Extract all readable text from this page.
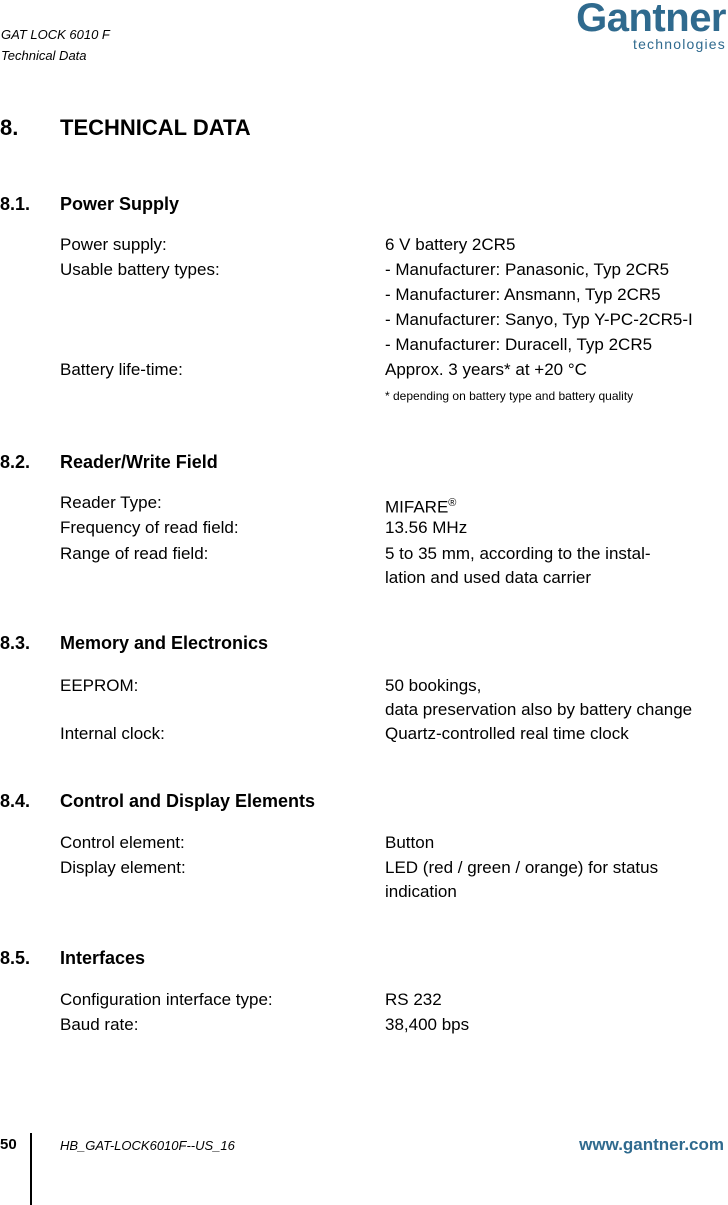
GAT LOCK 6010 F
Technical Data
Gantner
technologies
8. TECHNICAL DATA
8.1. Power Supply
Power supply:	6 V battery 2CR5
Usable battery types:	- Manufacturer: Panasonic, Typ 2CR5
- Manufacturer: Ansmann, Typ 2CR5
- Manufacturer: Sanyo, Typ Y-PC-2CR5-I
- Manufacturer: Duracell, Typ 2CR5
Battery life-time:	Approx. 3 years* at +20 °C
* depending on battery type and battery quality
8.2. Reader/Write Field
Reader Type:	MIFARE®
Frequency of read field:	13.56 MHz
Range of read field:	5 to 35 mm, according to the instal-
lation and used data carrier
8.3. Memory and Electronics
EEPROM:	50 bookings,
data preservation also by battery change
Internal clock:	Quartz-controlled real time clock
8.4. Control and Display Elements
Control element:	Button
Display element:	LED (red / green / orange) for status
indication
8.5. Interfaces
Configuration interface type:	RS 232
Baud rate:	38,400 bps
50	HB_GAT-LOCK6010F--US_16	www.gantner.com
